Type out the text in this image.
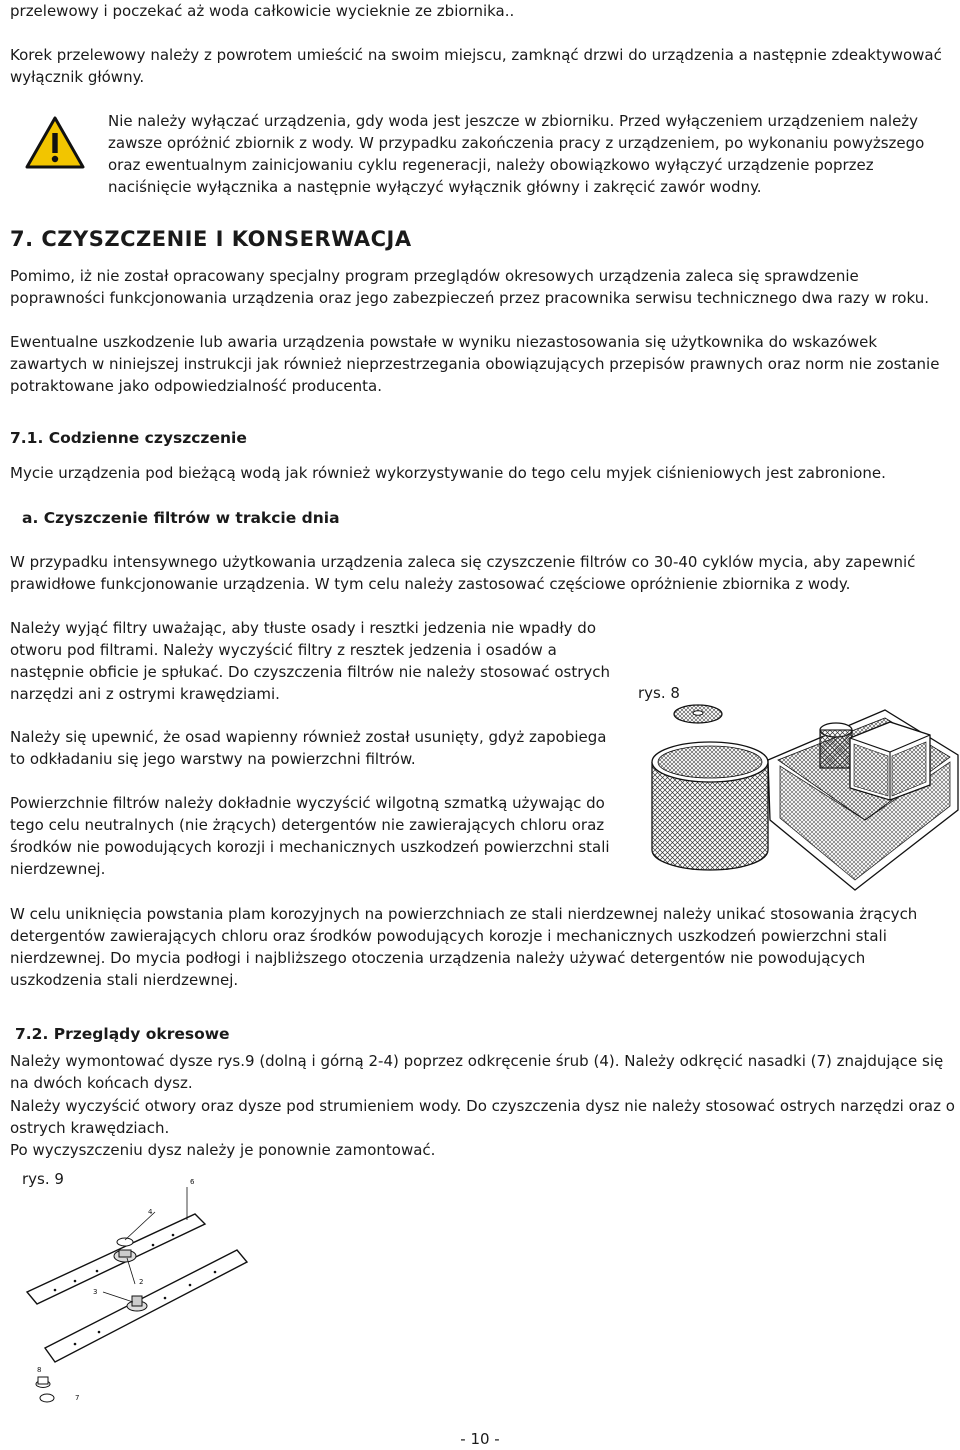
przelewowy i poczekać aż woda całkowicie wycieknie ze zbiornika..

Korek przelewowy należy z powrotem umieścić na swoim miejscu, zamknąć drzwi do urządzenia a następnie zdeaktywować wyłącznik główny.

Nie należy wyłączać urządzenia, gdy woda jest jeszcze w zbiorniku. Przed wyłączeniem urządzeniem należy zawsze opróżnić zbiornik z wody. W przypadku zakończenia pracy z urządzeniem, po wykonaniu powyższego oraz ewentualnym zainicjowaniu cyklu regeneracji, należy obowiązkowo wyłączyć urządzenie poprzez naciśnięcie wyłącznika a następnie wyłączyć wyłącznik główny i zakręcić zawór wodny.

7. CZYSZCZENIE I KONSERWACJA

Pomimo, iż nie został opracowany specjalny program przeglądów okresowych urządzenia zaleca się sprawdzenie poprawności funkcjonowania urządzenia oraz jego zabezpieczeń przez pracownika serwisu technicznego dwa razy w roku.

Ewentualne uszkodzenie lub awaria urządzenia powstałe w wyniku niezastosowania się użytkownika do wskazówek zawartych w niniejszej instrukcji jak również nieprzestrzegania obowiązujących przepisów prawnych oraz norm nie zostanie potraktowane jako odpowiedzialność producenta.

7.1. Codzienne czyszczenie

Mycie urządzenia pod bieżącą wodą jak również wykorzystywanie do tego celu myjek ciśnieniowych jest zabronione.

a. Czyszczenie filtrów w trakcie dnia

W przypadku intensywnego użytkowania urządzenia zaleca się czyszczenie filtrów co 30-40 cyklów mycia, aby zapewnić prawidłowe funkcjonowanie urządzenia. W tym celu należy zastosować częściowe opróżnienie zbiornika z wody.

Należy wyjąć filtry uważając, aby tłuste osady i resztki jedzenia nie wpadły do otworu pod filtrami. Należy wyczyścić filtry z resztek jedzenia i osadów a następnie obficie je spłukać. Do czyszczenia filtrów nie należy stosować ostrych narzędzi ani z ostrymi krawędziami.

Należy się upewnić, że osad wapienny również został usunięty, gdyż zapobiega to odkładaniu się jego warstwy na powierzchni filtrów.

Powierzchnie filtrów należy dokładnie wyczyścić wilgotną szmatką używając do tego celu neutralnych (nie żrących) detergentów nie zawierających chloru oraz środków nie powodujących korozji i mechanicznych uszkodzeń powierzchni stali nierdzewnej.

rys. 8

W celu uniknięcia powstania plam korozyjnych na powierzchniach ze stali nierdzewnej należy unikać stosowania żrących detergentów zawierających chloru oraz środków powodujących korozje i mechanicznych uszkodzeń powierzchni stali nierdzewnej. Do mycia podłogi i najbliższego otoczenia urządzenia należy używać detergentów nie powodujących uszkodzenia stali nierdzewnej.

7.2. Przeglądy okresowe

Należy wymontować dysze rys.9 (dolną i górną 2-4) poprzez odkręcenie śrub (4). Należy odkręcić nasadki (7) znajdujące się na dwóch końcach dysz.

Należy wyczyścić otwory oraz dysze pod strumieniem wody. Do czyszczenia dysz nie należy stosować ostrych narzędzi oraz o ostrych krawędziach.

Po wyczyszczeniu dysz należy je ponownie zamontować.

rys. 9	6
4
3
2
8
7
- 10 -
